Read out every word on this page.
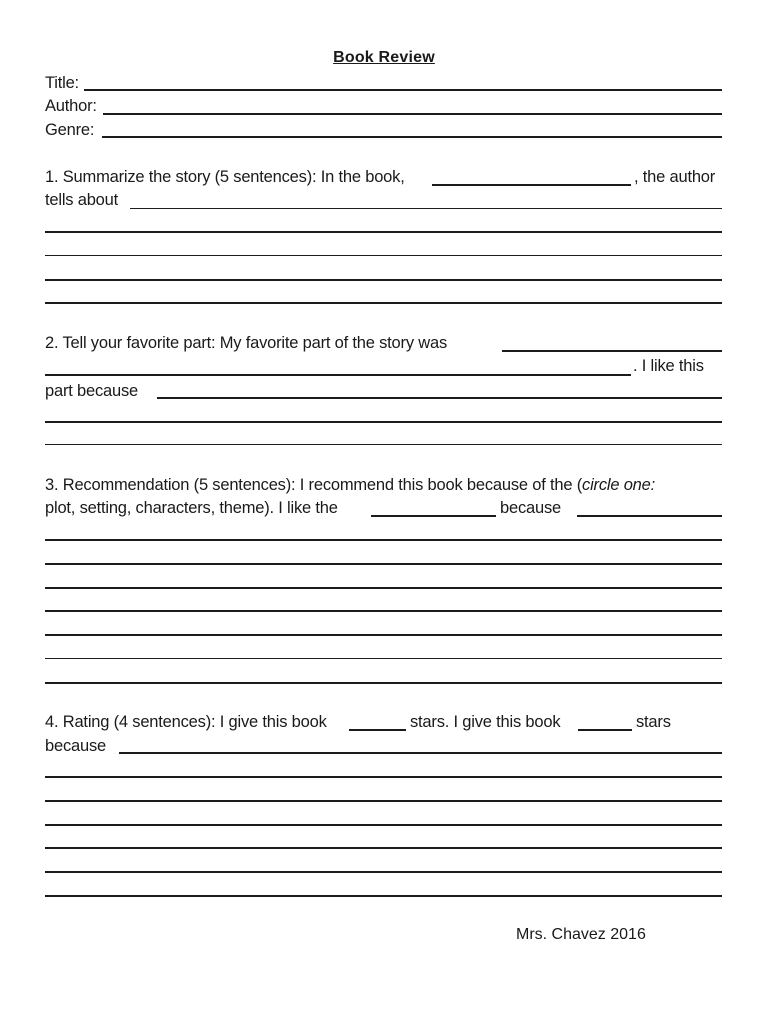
Book Review
Title:
Author:
Genre:
1. Summarize the story (5 sentences): In the book,	, the author
tells about
2. Tell your favorite part: My favorite part of the story was
. I like this
part because
3. Recommendation (5 sentences): I recommend this book because of the (circle one:
plot, setting, characters, theme). I like the	because
4. Rating (4 sentences): I give this book	stars. I give this book	stars
because
Mrs. Chavez 2016
